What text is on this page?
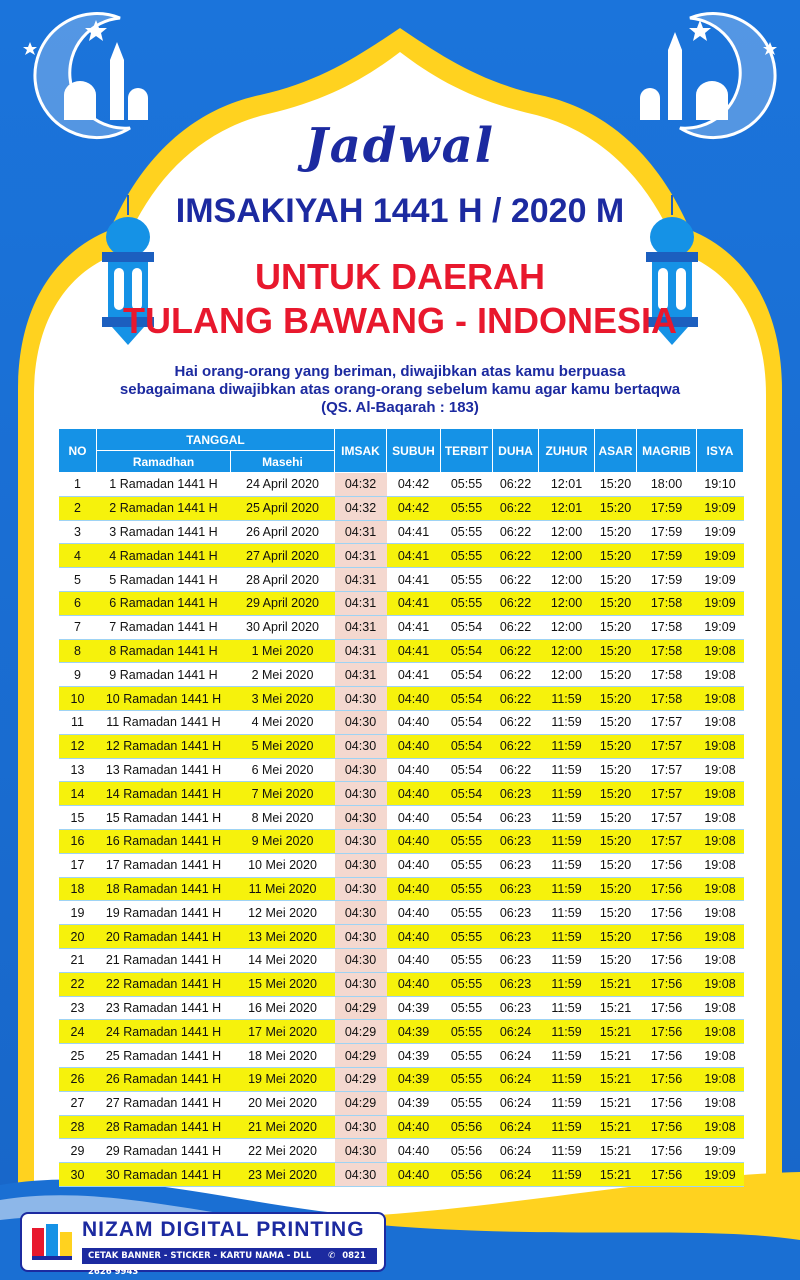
Jadwal
IMSAKIYAH 1441 H / 2020 M
UNTUK DAERAH
TULANG BAWANG - INDONESIA
Hai orang-orang yang beriman, diwajibkan atas kamu berpuasa
sebagaimana diwajibkan atas orang-orang sebelum kamu agar kamu bertaqwa
(QS. Al-Baqarah : 183)
NO	TANGGAL		IMSAK	SUBUH	TERBIT	DUHA	ZUHUR	ASAR	MAGRIB	ISYA
	Ramadhan	Masehi								
1	1 Ramadan 1441 H	24 April 2020	04:32	04:42	05:55	06:22	12:01	15:20	18:00	19:10
2	2 Ramadan 1441 H	25 April 2020	04:32	04:42	05:55	06:22	12:01	15:20	17:59	19:09
3	3 Ramadan 1441 H	26 April 2020	04:31	04:41	05:55	06:22	12:00	15:20	17:59	19:09
4	4 Ramadan 1441 H	27 April 2020	04:31	04:41	05:55	06:22	12:00	15:20	17:59	19:09
5	5 Ramadan 1441 H	28 April 2020	04:31	04:41	05:55	06:22	12:00	15:20	17:59	19:09
6	6 Ramadan 1441 H	29 April 2020	04:31	04:41	05:55	06:22	12:00	15:20	17:58	19:09
7	7 Ramadan 1441 H	30 April 2020	04:31	04:41	05:54	06:22	12:00	15:20	17:58	19:09
8	8 Ramadan 1441 H	1 Mei 2020	04:31	04:41	05:54	06:22	12:00	15:20	17:58	19:08
9	9 Ramadan 1441 H	2 Mei 2020	04:31	04:41	05:54	06:22	12:00	15:20	17:58	19:08
10	10 Ramadan 1441 H	3 Mei 2020	04:30	04:40	05:54	06:22	11:59	15:20	17:58	19:08
11	11 Ramadan 1441 H	4 Mei 2020	04:30	04:40	05:54	06:22	11:59	15:20	17:57	19:08
12	12 Ramadan 1441 H	5 Mei 2020	04:30	04:40	05:54	06:22	11:59	15:20	17:57	19:08
13	13 Ramadan 1441 H	6 Mei 2020	04:30	04:40	05:54	06:22	11:59	15:20	17:57	19:08
14	14 Ramadan 1441 H	7 Mei 2020	04:30	04:40	05:54	06:23	11:59	15:20	17:57	19:08
15	15 Ramadan 1441 H	8 Mei 2020	04:30	04:40	05:54	06:23	11:59	15:20	17:57	19:08
16	16 Ramadan 1441 H	9 Mei 2020	04:30	04:40	05:55	06:23	11:59	15:20	17:57	19:08
17	17 Ramadan 1441 H	10 Mei 2020	04:30	04:40	05:55	06:23	11:59	15:20	17:56	19:08
18	18 Ramadan 1441 H	11 Mei 2020	04:30	04:40	05:55	06:23	11:59	15:20	17:56	19:08
19	19 Ramadan 1441 H	12 Mei 2020	04:30	04:40	05:55	06:23	11:59	15:20	17:56	19:08
20	20 Ramadan 1441 H	13 Mei 2020	04:30	04:40	05:55	06:23	11:59	15:20	17:56	19:08
21	21 Ramadan 1441 H	14 Mei 2020	04:30	04:40	05:55	06:23	11:59	15:20	17:56	19:08
22	22 Ramadan 1441 H	15 Mei 2020	04:30	04:40	05:55	06:23	11:59	15:21	17:56	19:08
23	23 Ramadan 1441 H	16 Mei 2020	04:29	04:39	05:55	06:23	11:59	15:21	17:56	19:08
24	24 Ramadan 1441 H	17 Mei 2020	04:29	04:39	05:55	06:24	11:59	15:21	17:56	19:08
25	25 Ramadan 1441 H	18 Mei 2020	04:29	04:39	05:55	06:24	11:59	15:21	17:56	19:08
26	26 Ramadan 1441 H	19 Mei 2020	04:29	04:39	05:55	06:24	11:59	15:21	17:56	19:08
27	27 Ramadan 1441 H	20 Mei 2020	04:29	04:39	05:55	06:24	11:59	15:21	17:56	19:08
28	28 Ramadan 1441 H	21 Mei 2020	04:30	04:40	05:56	06:24	11:59	15:21	17:56	19:08
29	29 Ramadan 1441 H	22 Mei 2020	04:30	04:40	05:56	06:24	11:59	15:21	17:56	19:09
30	30 Ramadan 1441 H	23 Mei 2020	04:30	04:40	05:56	06:24	11:59	15:21	17:56	19:09
NIZAM DIGITAL PRINTING
CETAK BANNER - STICKER - KARTU NAMA - DLL ✆ 0821 2626 9943
